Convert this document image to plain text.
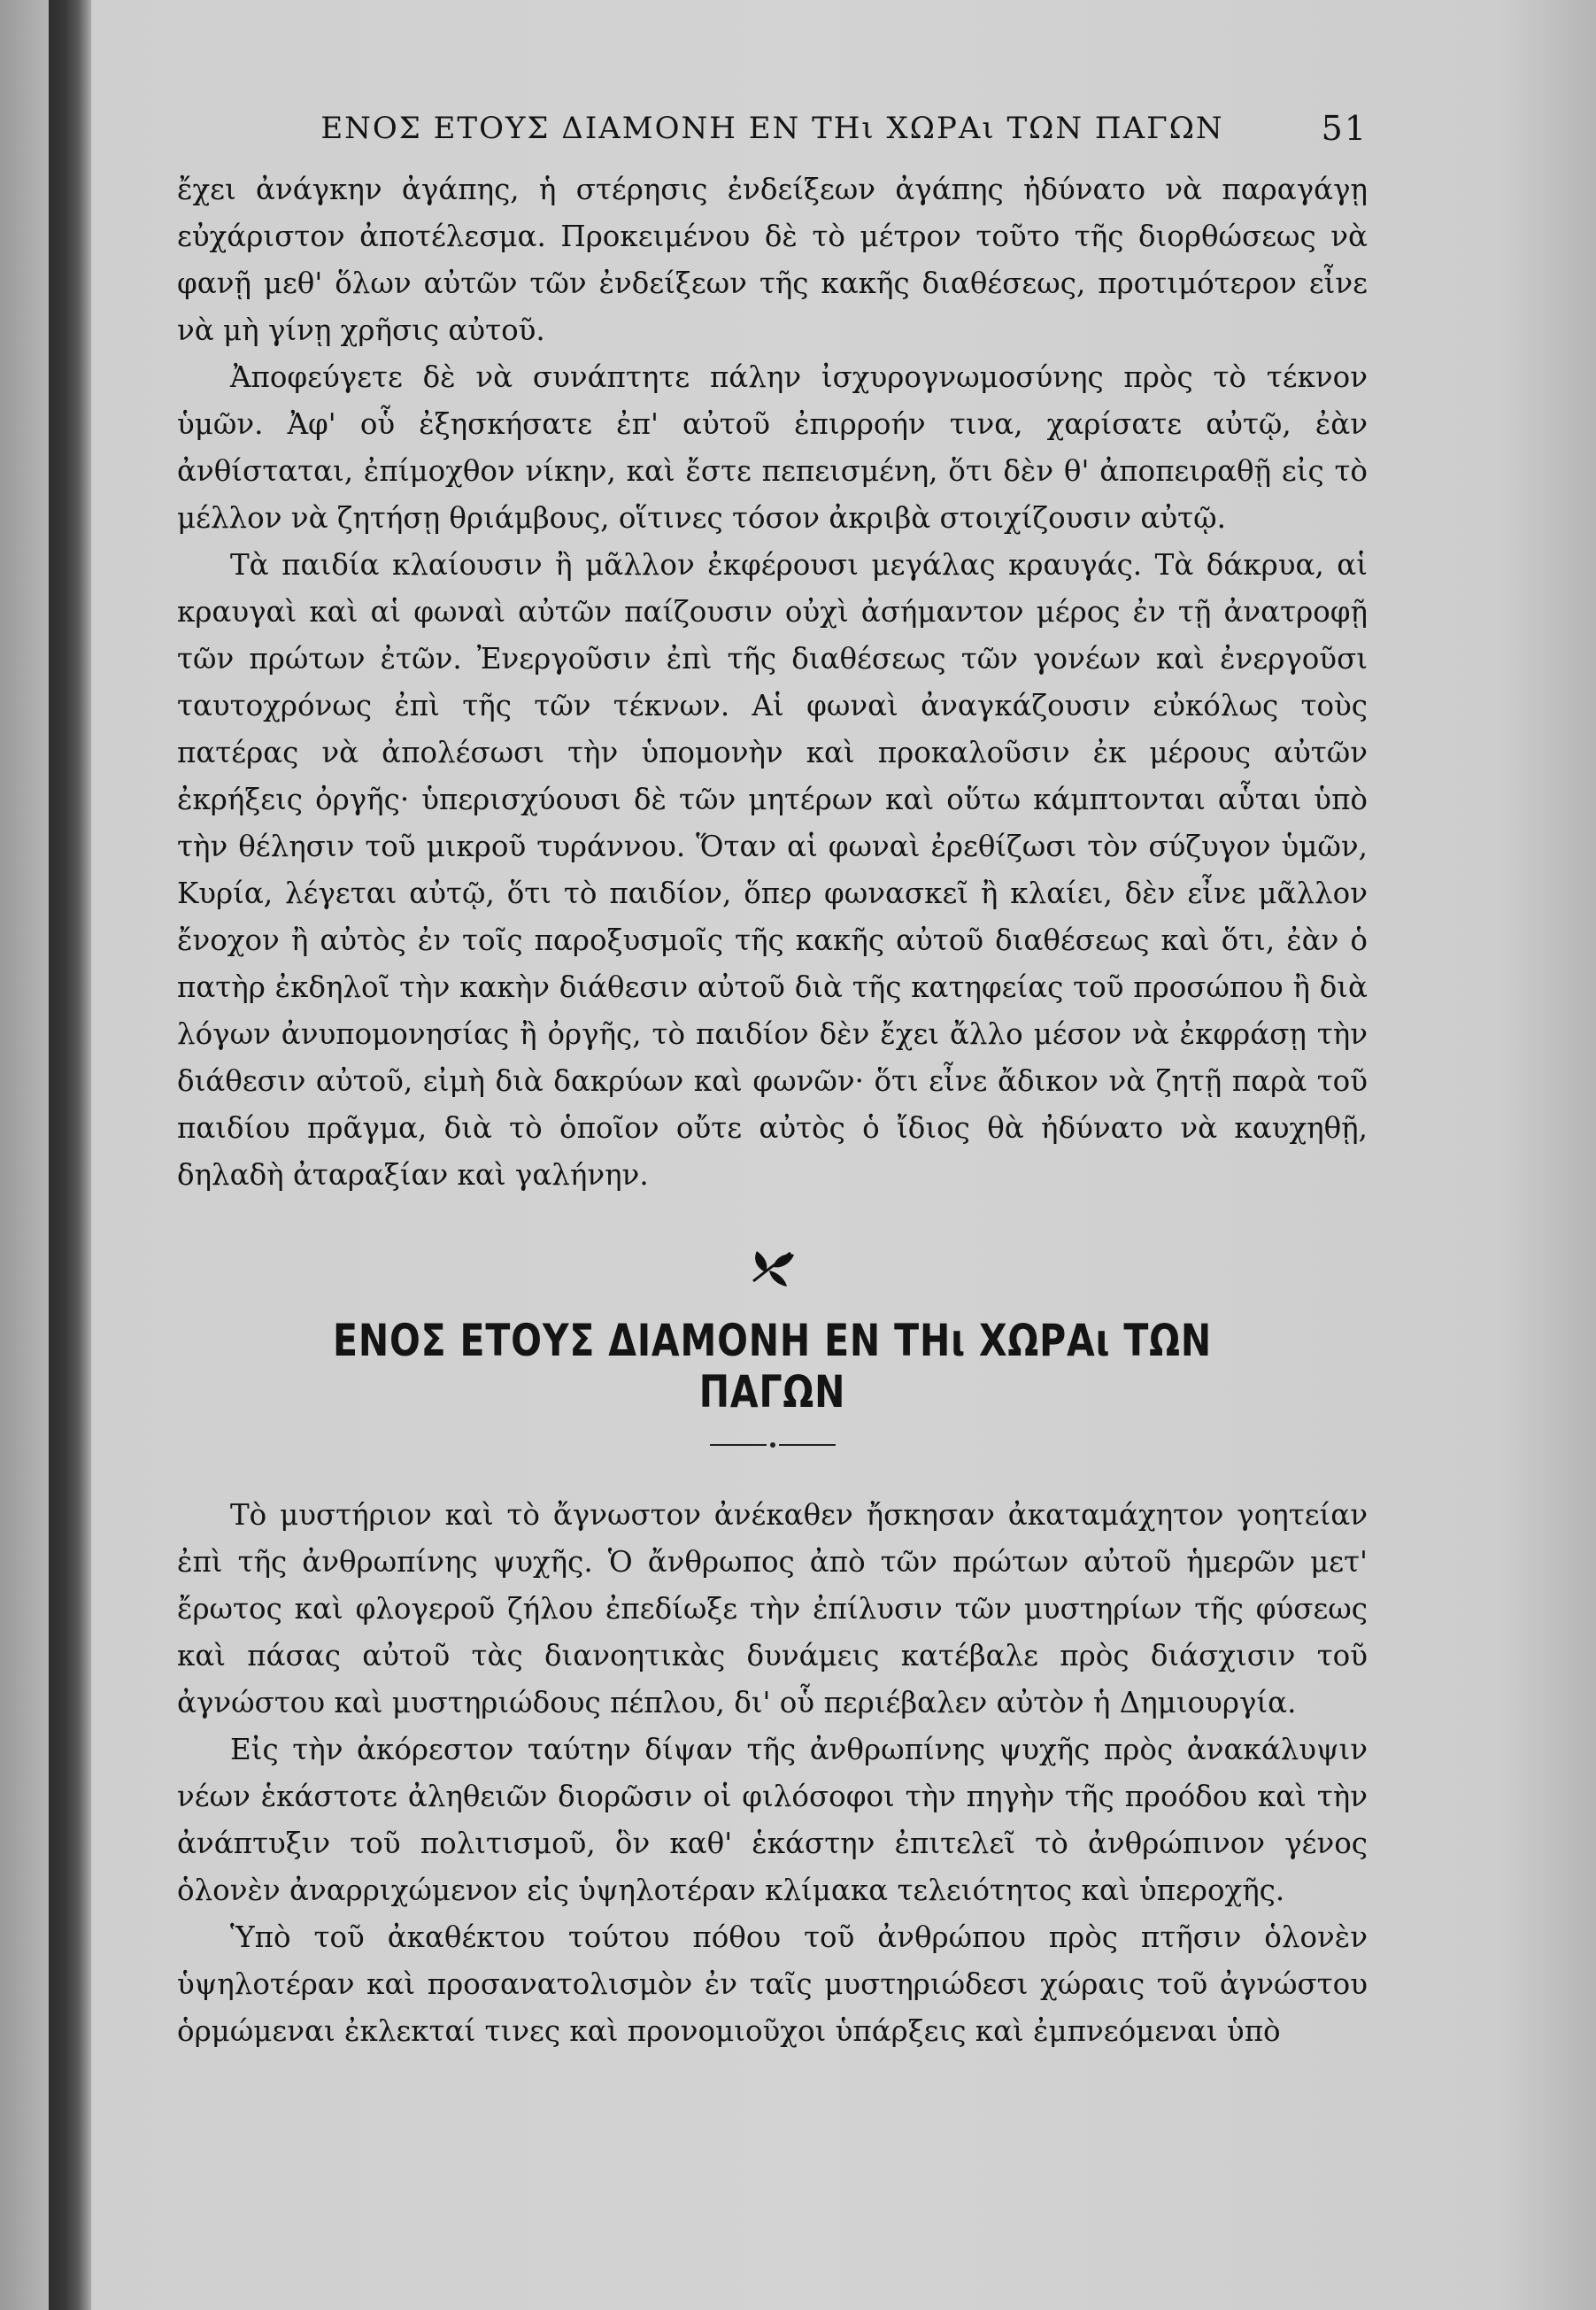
ΕΝΟΣ ΕΤΟΥΣ ΔΙΑΜΟΝΗ ΕΝ ΤΗι ΧΩΡΑι ΤΩΝ ΠΑΓΩΝ	51

ἔχει ἀνάγκην ἀγάπης, ἡ στέρησις ἐνδείξεων ἀγάπης ἠδύνατο νὰ παραγάγῃ εὐχάριστον ἀποτέλεσμα. Προκειμένου δὲ τὸ μέτρον τοῦτο τῆς διορθώσεως νὰ φανῇ μεθ' ὅλων αὐτῶν τῶν ἐνδείξεων τῆς κακῆς διαθέσεως, προτιμότερον εἶνε νὰ μὴ γίνῃ χρῆσις αὐτοῦ.

Ἀποφεύγετε δὲ νὰ συνάπτητε πάλην ἰσχυρογνωμοσύνης πρὸς τὸ τέκνον ὑμῶν. Ἀφ' οὗ ἐξησκήσατε ἐπ' αὐτοῦ ἐπιρροήν τινα, χαρίσατε αὐτῷ, ἐὰν ἀνθίσταται, ἐπίμοχθον νίκην, καὶ ἔστε πεπεισμένη, ὅτι δὲν θ' ἀποπειραθῇ εἰς τὸ μέλλον νὰ ζητήσῃ θριάμβους, οἵτινες τόσον ἀκριβὰ στοιχίζουσιν αὐτῷ.

Τὰ παιδία κλαίουσιν ἢ μᾶλλον ἐκφέρουσι μεγάλας κραυγάς. Τὰ δάκρυα, αἱ κραυγαὶ καὶ αἱ φωναὶ αὐτῶν παίζουσιν οὐχὶ ἀσήμαντον μέρος ἐν τῇ ἀνατροφῇ τῶν πρώτων ἐτῶν. Ἐνεργοῦσιν ἐπὶ τῆς διαθέσεως τῶν γονέων καὶ ἐνεργοῦσι ταυτοχρόνως ἐπὶ τῆς τῶν τέκνων. Αἱ φωναὶ ἀναγκάζουσιν εὐκόλως τοὺς πατέρας νὰ ἀπολέσωσι τὴν ὑπομονὴν καὶ προκαλοῦσιν ἐκ μέρους αὐτῶν ἐκρήξεις ὀργῆς· ὑπερισχύουσι δὲ τῶν μητέρων καὶ οὕτω κάμπτονται αὗται ὑπὸ τὴν θέλησιν τοῦ μικροῦ τυράννου. Ὅταν αἱ φωναὶ ἐρεθίζωσι τὸν σύζυγον ὑμῶν, Κυρία, λέγεται αὐτῷ, ὅτι τὸ παιδίον, ὅπερ φωνασκεῖ ἢ κλαίει, δὲν εἶνε μᾶλλον ἔνοχον ἢ αὐτὸς ἐν τοῖς παροξυσμοῖς τῆς κακῆς αὐτοῦ διαθέσεως καὶ ὅτι, ἐὰν ὁ πατὴρ ἐκδηλοῖ τὴν κακὴν διάθεσιν αὐτοῦ διὰ τῆς κατηφείας τοῦ προσώπου ἢ διὰ λόγων ἀνυπομονησίας ἢ ὀργῆς, τὸ παιδίον δὲν ἔχει ἄλλο μέσον νὰ ἐκφράσῃ τὴν διάθεσιν αὐτοῦ, εἰμὴ διὰ δακρύων καὶ φωνῶν· ὅτι εἶνε ἄδικον νὰ ζητῇ παρὰ τοῦ παιδίου πρᾶγμα, διὰ τὸ ὁποῖον οὔτε αὐτὸς ὁ ἴδιος θὰ ἠδύνατο νὰ καυχηθῇ, δηλαδὴ ἀταραξίαν καὶ γαλήνην.

ΕΝΟΣ ΕΤΟΥΣ ΔΙΑΜΟΝΗ ΕΝ ΤΗι ΧΩΡΑι ΤΩΝ ΠΑΓΩΝ

Τὸ μυστήριον καὶ τὸ ἄγνωστον ἀνέκαθεν ἤσκησαν ἀκαταμάχητον γοητείαν ἐπὶ τῆς ἀνθρωπίνης ψυχῆς. Ὁ ἄνθρωπος ἀπὸ τῶν πρώτων αὐτοῦ ἡμερῶν μετ' ἔρωτος καὶ φλογεροῦ ζήλου ἐπεδίωξε τὴν ἐπίλυσιν τῶν μυστηρίων τῆς φύσεως καὶ πάσας αὐτοῦ τὰς διανοητικὰς δυνάμεις κατέβαλε πρὸς διάσχισιν τοῦ ἀγνώστου καὶ μυστηριώδους πέπλου, δι' οὗ περιέβαλεν αὐτὸν ἡ Δημιουργία.

Εἰς τὴν ἀκόρεστον ταύτην δίψαν τῆς ἀνθρωπίνης ψυχῆς πρὸς ἀνακάλυψιν νέων ἑκάστοτε ἀληθειῶν διορῶσιν οἱ φιλόσοφοι τὴν πηγὴν τῆς προόδου καὶ τὴν ἀνάπτυξιν τοῦ πολιτισμοῦ, ὃν καθ' ἑκάστην ἐπιτελεῖ τὸ ἀνθρώπινον γένος ὁλονὲν ἀναρριχώμενον εἰς ὑψηλοτέραν κλίμακα τελειότητος καὶ ὑπεροχῆς.

Ὑπὸ τοῦ ἀκαθέκτου τούτου πόθου τοῦ ἀνθρώπου πρὸς πτῆσιν ὁλονὲν ὑψηλοτέραν καὶ προσανατολισμὸν ἐν ταῖς μυστηριώδεσι χώραις τοῦ ἀγνώστου ὁρμώμεναι ἐκλεκταί τινες καὶ προνομιοῦχοι ὑπάρξεις καὶ ἐμπνεόμεναι ὑπὸ
